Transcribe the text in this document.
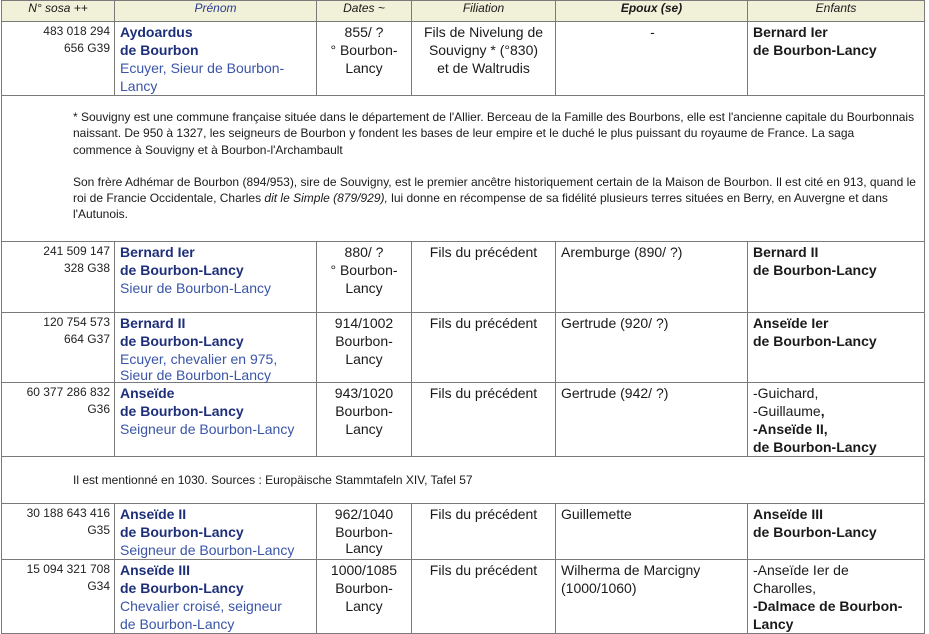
N° sosa ++	Prénom	Dates ~	Filiation	Epoux (se)	Enfants

483 018 294
656 G39	Aydoardus
de Bourbon
Ecuyer, Sieur de Bourbon-
Lancy	855/ ?
° Bourbon-
Lancy	Fils de Nivelung de
Souvigny * (°830)
et de Waltrudis	-	Bernard Ier
de Bourbon-Lancy

* Souvigny est une commune française située dans le département de l'Allier. Berceau de la Famille des Bourbons, elle est l'ancienne capitale du Bourbonnais naissant. De 950 à 1327, les seigneurs de Bourbon y fondent les bases de leur empire et le duché le plus puissant du royaume de France. La saga commence à Souvigny et à Bourbon-l'Archambault

Son frère Adhémar de Bourbon (894/953), sire de Souvigny, est le premier ancêtre historiquement certain de la Maison de Bourbon. Il est cité en 913, quand le roi de Francie Occidentale, Charles dit le Simple (879/929), lui donne en récompense de sa fidélité plusieurs terres situées en Berry, en Auvergne et dans l'Autunois.					

241 509 147
328 G38	Bernard Ier
de Bourbon-Lancy
Sieur de Bourbon-Lancy	880/ ?
° Bourbon-
Lancy	Fils du précédent	Aremburge (890/ ?)	Bernard II
de Bourbon-Lancy

120 754 573
664 G37	Bernard II
de Bourbon-Lancy
Ecuyer, chevalier en 975,
Sieur de Bourbon-Lancy	914/1002
Bourbon-
Lancy	Fils du précédent	Gertrude (920/ ?)	Anseïde Ier
de Bourbon-Lancy

60 377 286 832
G36	Anseïde
de Bourbon-Lancy
Seigneur de Bourbon-Lancy	943/1020
Bourbon-
Lancy	Fils du précédent	Gertrude (942/ ?)	-Guichard,
-Guillaume,
-Anseïde II,
de Bourbon-Lancy

Il est mentionné en 1030. Sources : Europäische Stammtafeln XIV, Tafel 57					

30 188 643 416
G35	Anseïde II
de Bourbon-Lancy
Seigneur de Bourbon-Lancy	962/1040
Bourbon-
Lancy	Fils du précédent	Guillemette	Anseïde III
de Bourbon-Lancy

15 094 321 708
G34	Anseïde III
de Bourbon-Lancy
Chevalier croisé, seigneur
de Bourbon-Lancy	1000/1085
Bourbon-
Lancy	Fils du précédent	Wilherma de Marcigny
(1000/1060)	-Anseïde Ier de
Charolles,
-Dalmace de Bourbon-
Lancy
